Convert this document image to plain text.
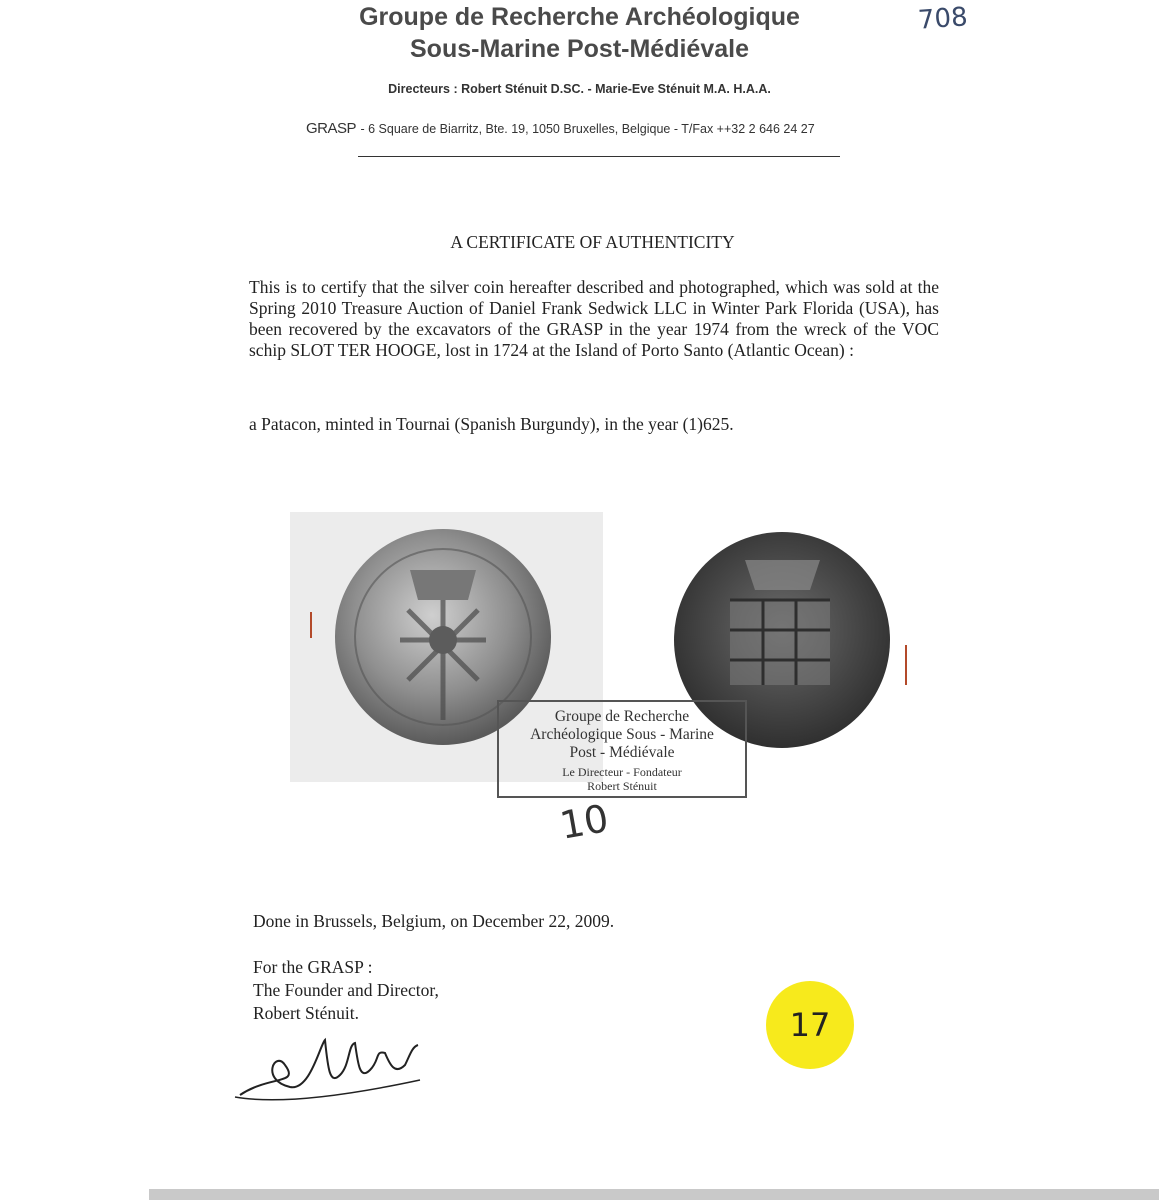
Groupe de Recherche Archéologique
Sous-Marine Post-Médiévale
708
Directeurs : Robert Sténuit D.SC. - Marie-Eve Sténuit M.A. H.A.A.
GRASP - 6 Square de Biarritz, Bte. 19, 1050 Bruxelles, Belgique - T/Fax ++32 2 646 24 27
A CERTIFICATE OF AUTHENTICITY
This is to certify that the silver coin hereafter described and photographed, which was sold at the Spring 2010 Treasure Auction of Daniel Frank Sedwick LLC in Winter Park Florida (USA), has been recovered by the excavators of the GRASP in the year 1974 from the wreck of the VOC schip SLOT TER HOOGE, lost in 1724 at the Island of Porto Santo (Atlantic Ocean) :
a Patacon, minted in Tournai (Spanish Burgundy), in the year (1)625.
Groupe de Recherche
Archéologique Sous - Marine
Post - Médiévale
Le Directeur - Fondateur
Robert Sténuit
10
Done in Brussels, Belgium, on December 22, 2009.
For the GRASP :
The Founder and Director,
Robert Sténuit.	17
